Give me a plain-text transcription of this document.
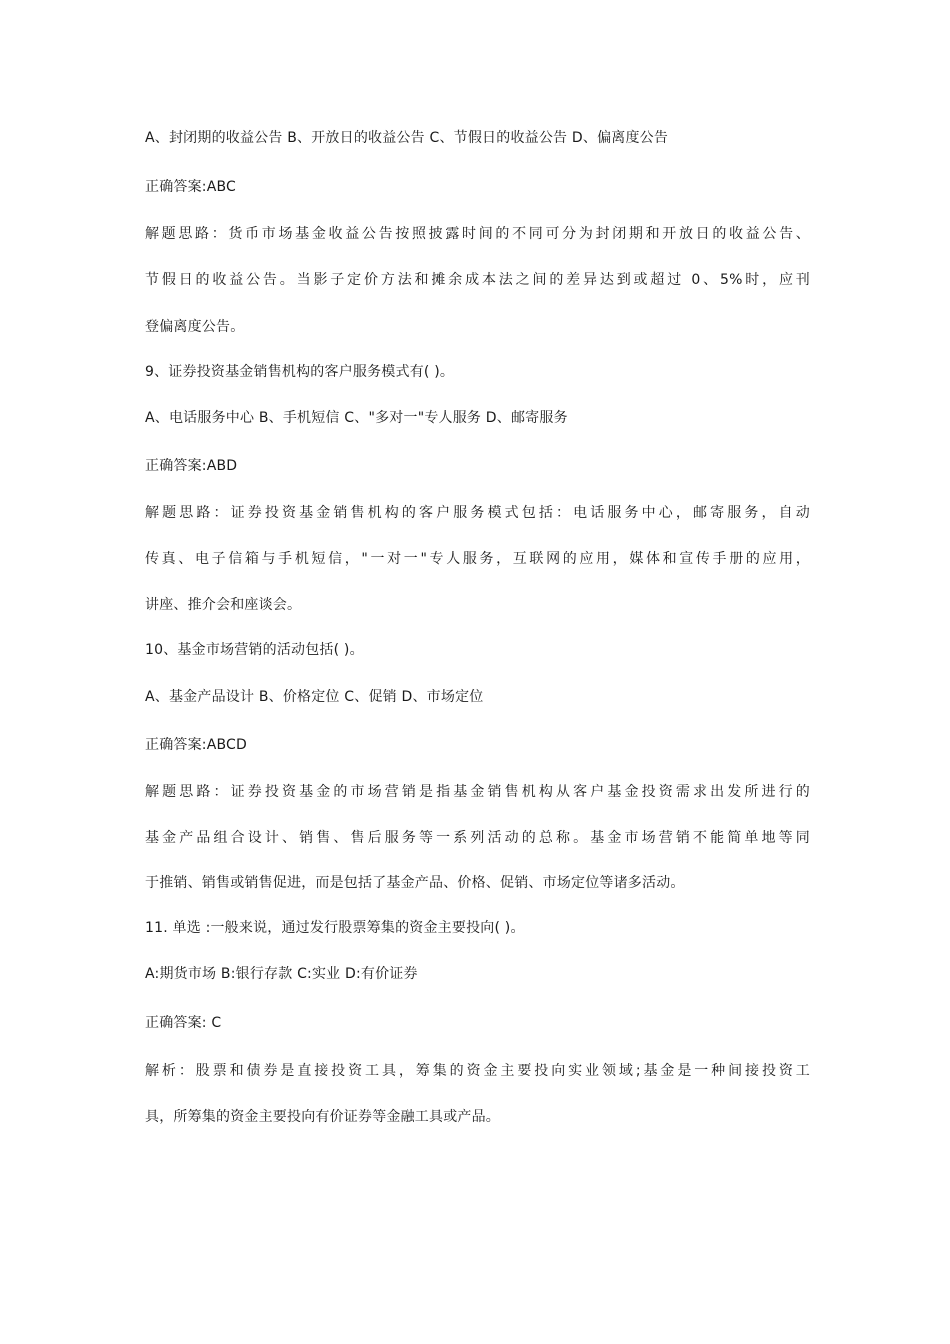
A、封闭期的收益公告 B、开放日的收益公告 C、节假日的收益公告 D、偏离度公告
正确答案:ABC
解题思路：货币市场基金收益公告按照披露时间的不同可分为封闭期和开放日的收益公告、
节假日的收益公告。当影子定价方法和摊余成本法之间的差异达到或超过 0、5%时，应刊
登偏离度公告。
9、证券投资基金销售机构的客户服务模式有( )。
A、电话服务中心 B、手机短信 C、"多对一"专人服务 D、邮寄服务
正确答案:ABD
解题思路：证券投资基金销售机构的客户服务模式包括：电话服务中心，邮寄服务，自动
传真、电子信箱与手机短信，"一对一"专人服务，互联网的应用，媒体和宣传手册的应用，
讲座、推介会和座谈会。
10、基金市场营销的活动包括( )。
A、基金产品设计 B、价格定位 C、促销 D、市场定位
正确答案:ABCD
解题思路：证券投资基金的市场营销是指基金销售机构从客户基金投资需求出发所进行的
基金产品组合设计、销售、售后服务等一系列活动的总称。基金市场营销不能简单地等同
于推销、销售或销售促进，而是包括了基金产品、价格、促销、市场定位等诸多活动。
11. 单选 :一般来说，通过发行股票筹集的资金主要投向( )。
A:期货市场 B:银行存款 C:实业 D:有价证券
正确答案: C
解析：股票和债券是直接投资工具，筹集的资金主要投向实业领域;基金是一种间接投资工
具，所筹集的资金主要投向有价证券等金融工具或产品。
